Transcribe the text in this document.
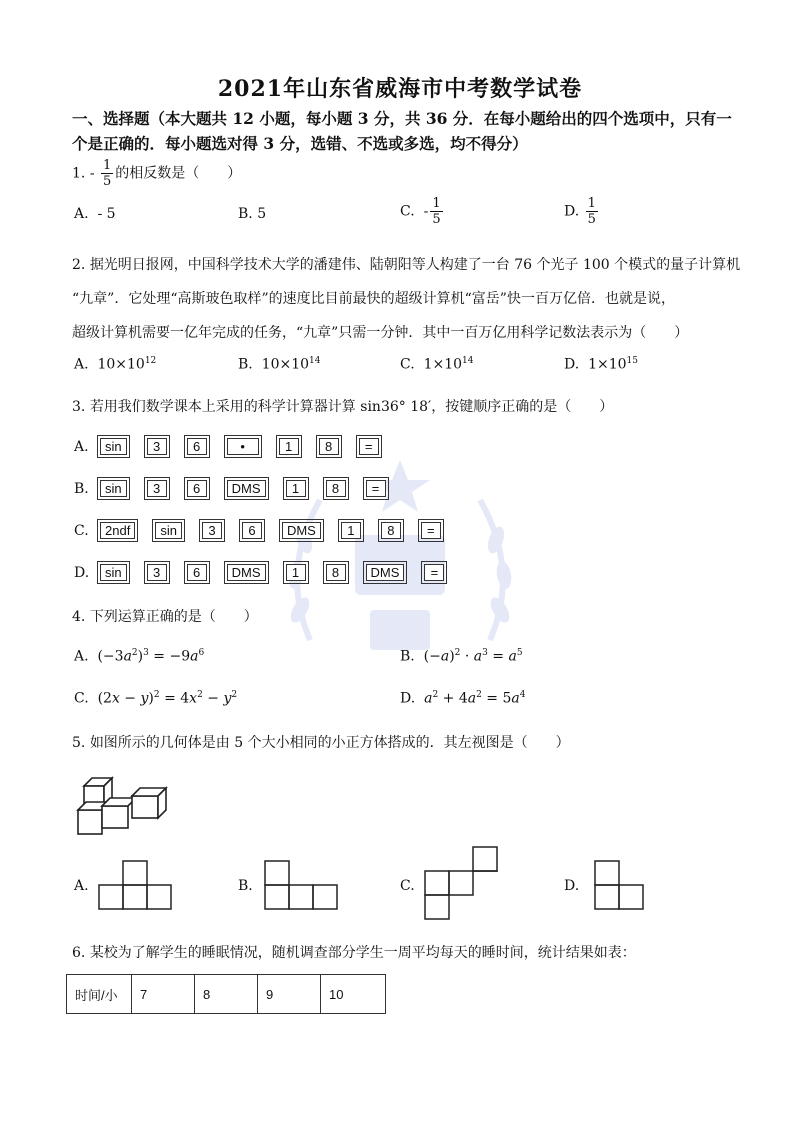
2021年山东省威海市中考数学试卷
一、选择题（本大题共 12 小题，每小题 3 分，共 36 分．在每小题给出的四个选项中，只有一个是正确的．每小题选对得 3 分，选错、不选或多选，均不得分）
1. - $\frac{1}{5}$ 的相反数是（　　）
A. - 5	B. 5	C. - $\frac{1}{5}$	D. $\frac{1}{5}$
2. 据光明日报网，中国科学技术大学的潘建伟、陆朝阳等人构建了一台 76 个光子 100 个模式的量子计算机
“九章”．它处理“高斯玻色取样”的速度比目前最快的超级计算机“富岳”快一百万亿倍．也就是说，
超级计算机需要一亿年完成的任务，“九章”只需一分钟．其中一百万亿用科学记数法表示为（　　）
A. $10\times 10^{12}$	B. $10\times 10^{14}$	C. $1\times 10^{14}$	D. $1\times 10^{15}$
3. 若用我们数学课本上采用的科学计算器计算 sin36° 18′，按键顺序正确的是（　　）
A.	sin	3	6	•	1	8	=
B.	sin	3	6	DMS	1	8	=
C.	2ndf	sin	3	6	DMS	1	8	=
D.	sin	3	6	DMS	1	8	DMS	=
4. 下列运算正确的是（　　）
A.  $(-3a^2)^3 = -9a^6$	B.  $(-a)^2 \cdot a^3 = a^5$
C.  $(2x - y)^2 = 4x^2 - y^2$	D. $a^2 + 4a^2 = 5a^4$
5. 如图所示的几何体是由 5 个大小相同的小正方体搭成的．其左视图是（　　）
A.	B.	C.	D.
6. 某校为了解学生的睡眠情况，随机调查部分学生一周平均每天的睡时间，统计结果如表：
时间/小	7	8	9	10
